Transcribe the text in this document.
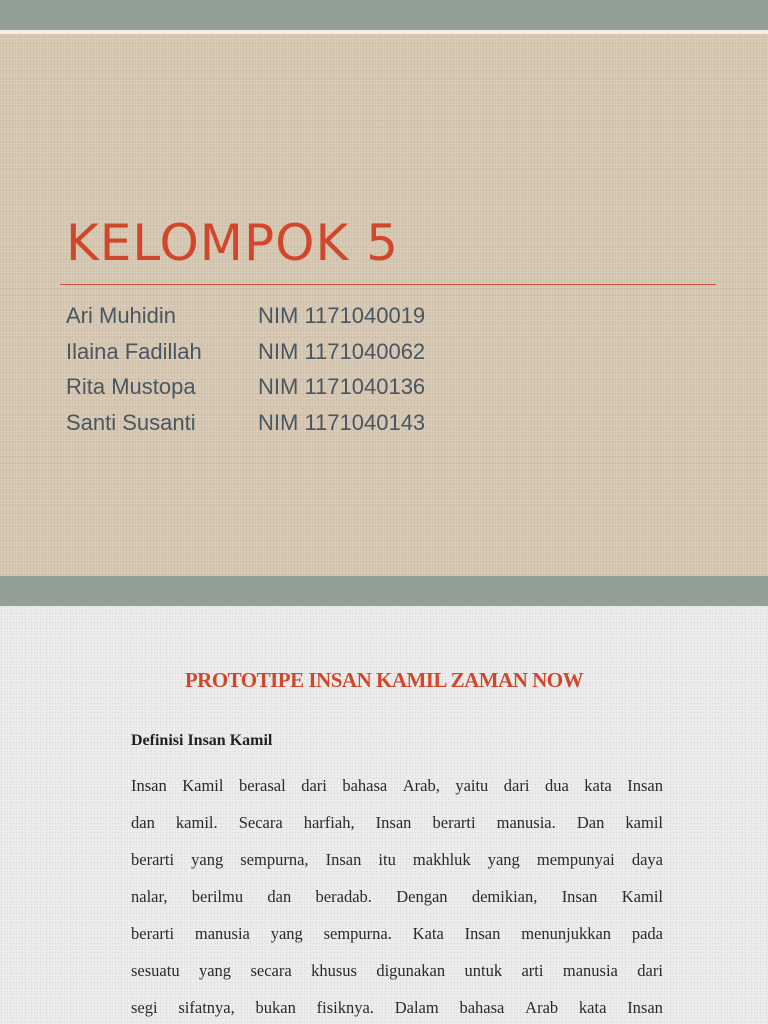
KELOMPOK 5
Ari Muhidin	NIM 1171040019
Ilaina Fadillah	NIM 1171040062
Rita Mustopa	NIM 1171040136
Santi Susanti	NIM 1171040143
PROTOTIPE INSAN KAMIL ZAMAN NOW
Definisi Insan Kamil
Insan Kamil berasal dari bahasa Arab, yaitu dari dua kata Insan
dan kamil. Secara harfiah, Insan berarti manusia. Dan kamil
berarti yang sempurna, Insan itu makhluk yang mempunyai daya
nalar, berilmu dan beradab. Dengan demikian, Insan Kamil
berarti manusia yang sempurna. Kata Insan menunjukkan pada
sesuatu yang secara khusus digunakan untuk arti manusia dari
segi sifatnya, bukan fisiknya. Dalam bahasa Arab kata Insan
